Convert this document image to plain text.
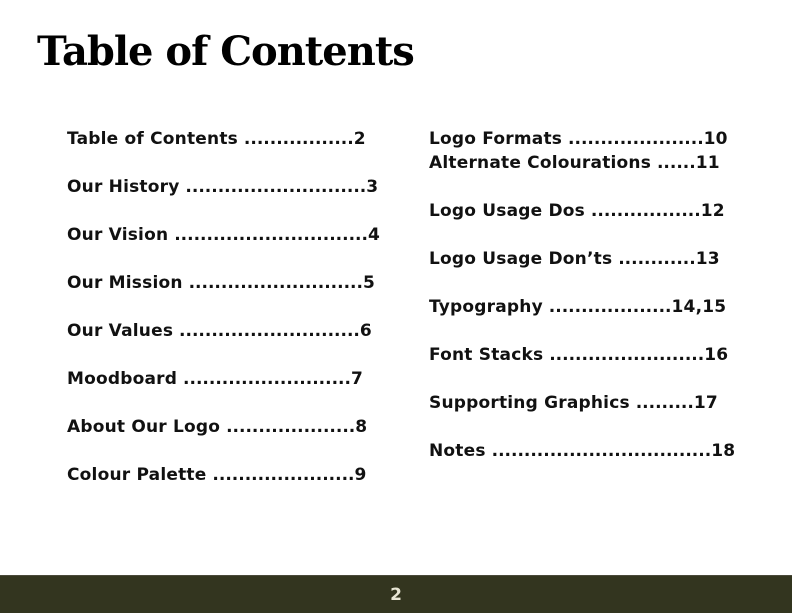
Table of Contents
Table of Contents .................2
Our History ............................3
Our Vision ..............................4
Our Mission ...........................5
Our Values ............................6
Moodboard ..........................7
About Our Logo ....................8
Colour Palette ......................9
Logo Formats .....................10
Alternate Colourations ......11
Logo Usage Dos .................12
Logo Usage Don’ts ............13
Typography ...................14,15
Font Stacks ........................16
Supporting Graphics .........17
Notes ..................................18
2
